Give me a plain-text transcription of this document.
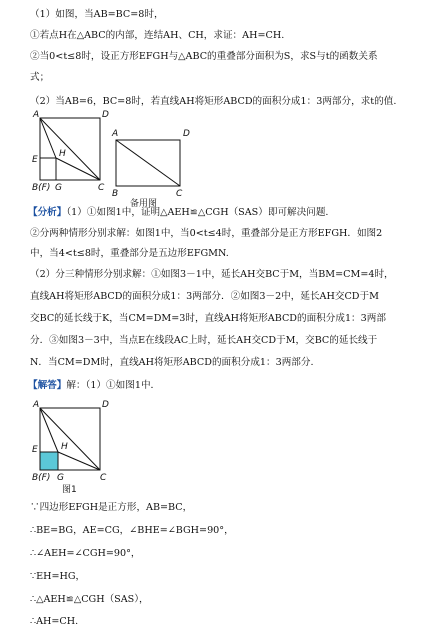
（1）如图，当AB=BC=8时，
①若点H在△ABC的内部，连结AH、CH，求证：AH=CH.
②当0<t≤8时，设正方形EFGH与△ABC的重叠部分面积为S，求S与t的函数关系
式；
（2）当AB=6，BC=8时，若直线AH将矩形ABCD的面积分成1：3两部分，求t的值.
A	D
E
H
B(F) G	C
A	D
B	C
备用图
【分析】（1）①如图1中，证明△AEH≌△CGH（SAS）即可解决问题.
②分两种情形分别求解：如图1中，当0<t≤4时，重叠部分是正方形EFGH．如图2
中，当4<t≤8时，重叠部分是五边形EFGMN.
（2）分三种情形分别求解：①如图3－1中，延长AH交BC于M，当BM=CM=4时，
直线AH将矩形ABCD的面积分成1：3两部分．②如图3－2中，延长AH交CD于M
交BC的延长线于K，当CM=DM=3时，直线AH将矩形ABCD的面积分成1：3两部
分．③如图3－3中，当点E在线段AC上时，延长AH交CD于M，交BC的延长线于
N．当CM=DM时，直线AH将矩形ABCD的面积分成1：3两部分.
【解答】解：（1）①如图1中．
A	D
E	H
B(F) G	C
图1
∵四边形EFGH是正方形，AB=BC，
∴BE=BG，AE=CG，∠BHE=∠BGH=90°，
∴∠AEH=∠CGH=90°，
∵EH=HG，
∴△AEH≌△CGH（SAS），
∴AH=CH.
